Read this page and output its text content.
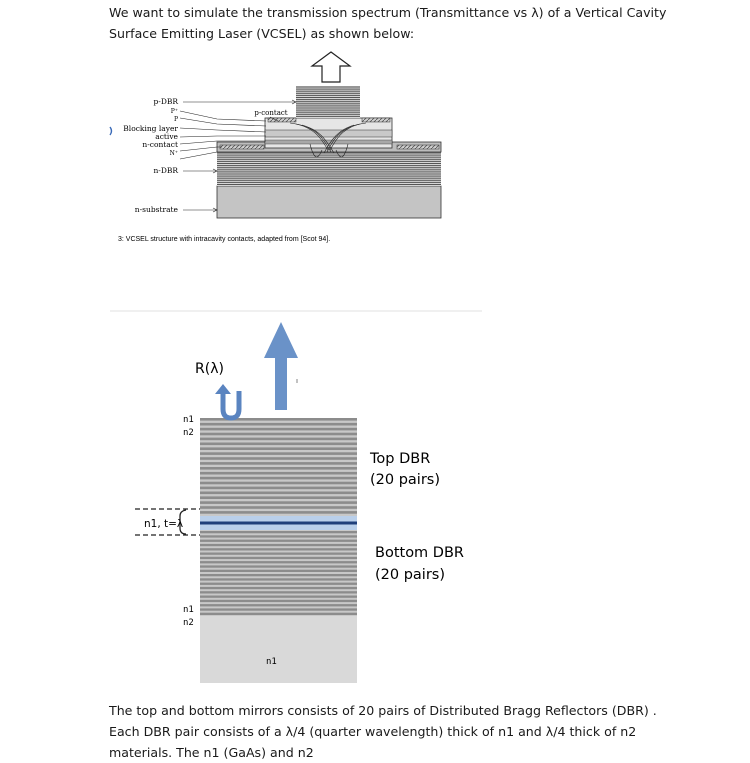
We want to simulate the transmission spectrum (Transmittance vs λ) of a Vertical Cavity Surface Emitting Laser (VCSEL) as shown below:

p-DBR
P⁺
P
Blocking layer
active
n-contact
N⁺
n-DBR
n-substrate
p-contact
3: VCSEL structure with intracavity contacts, adapted from [Scot 94].
n1, t=λ
n1
n2
n1
n2
n1
R(λ)
Top DBR
(20 pairs)
Bottom DBR
(20 pairs)

The top and bottom mirrors consists of 20 pairs of Distributed Bragg Reflectors (DBR) . Each DBR pair consists of a λ/4 (quarter wavelength) thick of n1 and λ/4 thick of n2 materials. The n1 (GaAs) and n2
